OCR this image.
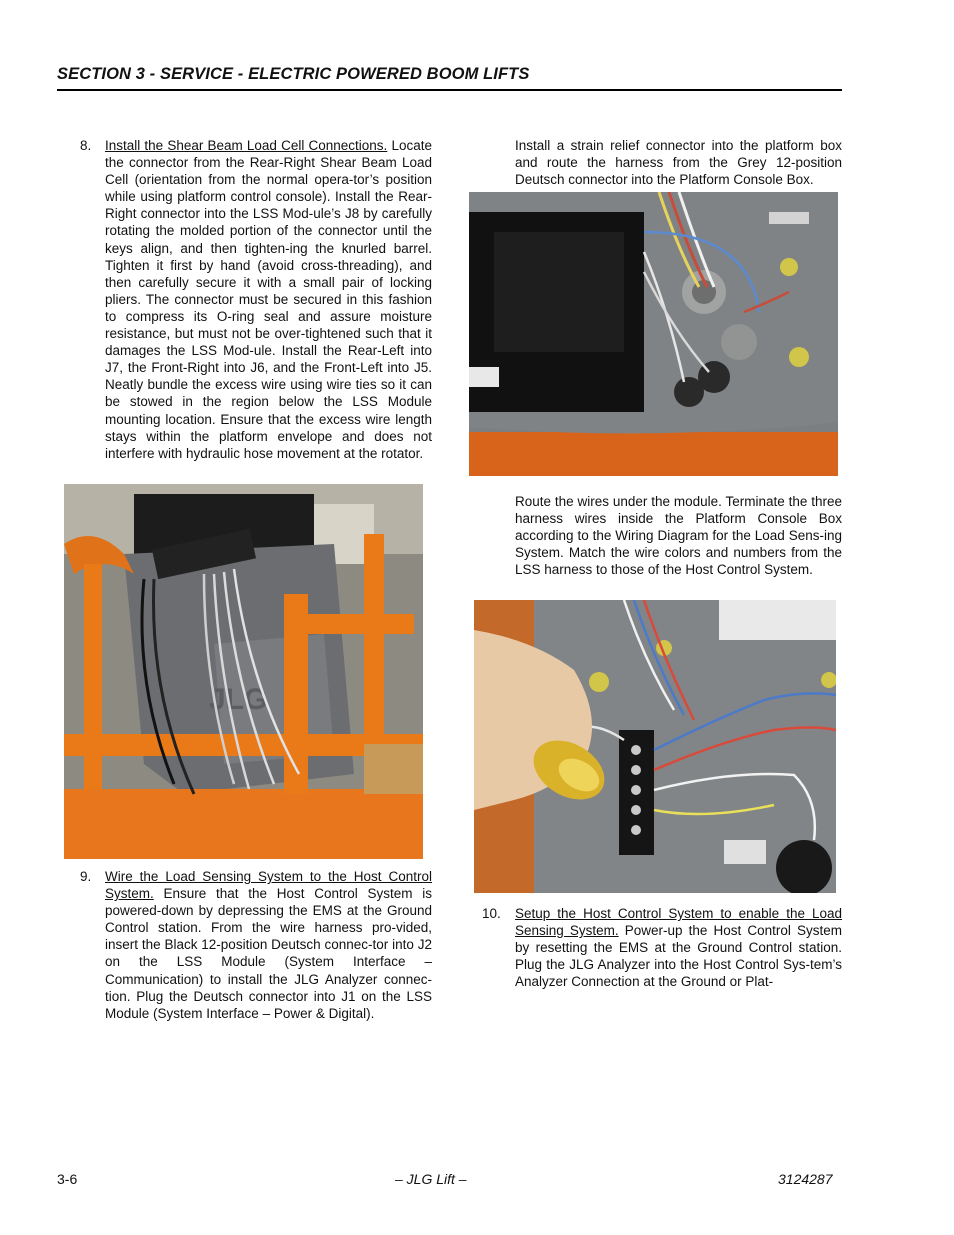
SECTION 3 - SERVICE - ELECTRIC POWERED BOOM LIFTS
8. Install the Shear Beam Load Cell Connections. Locate the connector from the Rear-Right Shear Beam Load Cell (orientation from the normal opera-tor’s position while using platform control console). Install the Rear-Right connector into the LSS Mod-ule’s J8 by carefully rotating the molded portion of the connector until the keys align, and then tighten-ing the knurled barrel. Tighten it first by hand (avoid cross-threading), and then carefully secure it with a small pair of locking pliers. The connector must be secured in this fashion to compress its O-ring seal and assure moisture resistance, but must not be over-tightened such that it damages the LSS Mod-ule. Install the Rear-Left into J7, the Front-Right into J6, and the Front-Left into J5. Neatly bundle the excess wire using wire ties so it can be stowed in the region below the LSS Module mounting location. Ensure that the excess wire length stays within the platform envelope and does not interfere with hydraulic hose movement at the rotator.
JLG
9. Wire the Load Sensing System to the Host Control System. Ensure that the Host Control System is powered-down by depressing the EMS at the Ground Control station. From the wire harness pro-vided, insert the Black 12-position Deutsch connec-tor into J2 on the LSS Module (System Interface – Communication) to install the JLG Analyzer connec-tion. Plug the Deutsch connector into J1 on the LSS Module (System Interface – Power & Digital).
Install a strain relief connector into the platform box and route the harness from the Grey 12-position Deutsch connector into the Platform Console Box.
Route the wires under the module. Terminate the three harness wires inside the Platform Console Box according to the Wiring Diagram for the Load Sens-ing System. Match the wire colors and numbers from the LSS harness to those of the Host Control System.
10. Setup the Host Control System to enable the Load Sensing System. Power-up the Host Control System by resetting the EMS at the Ground Control station. Plug the JLG Analyzer into the Host Control Sys-tem’s Analyzer Connection at the Ground or Plat-
3-6	– JLG Lift –	3124287
